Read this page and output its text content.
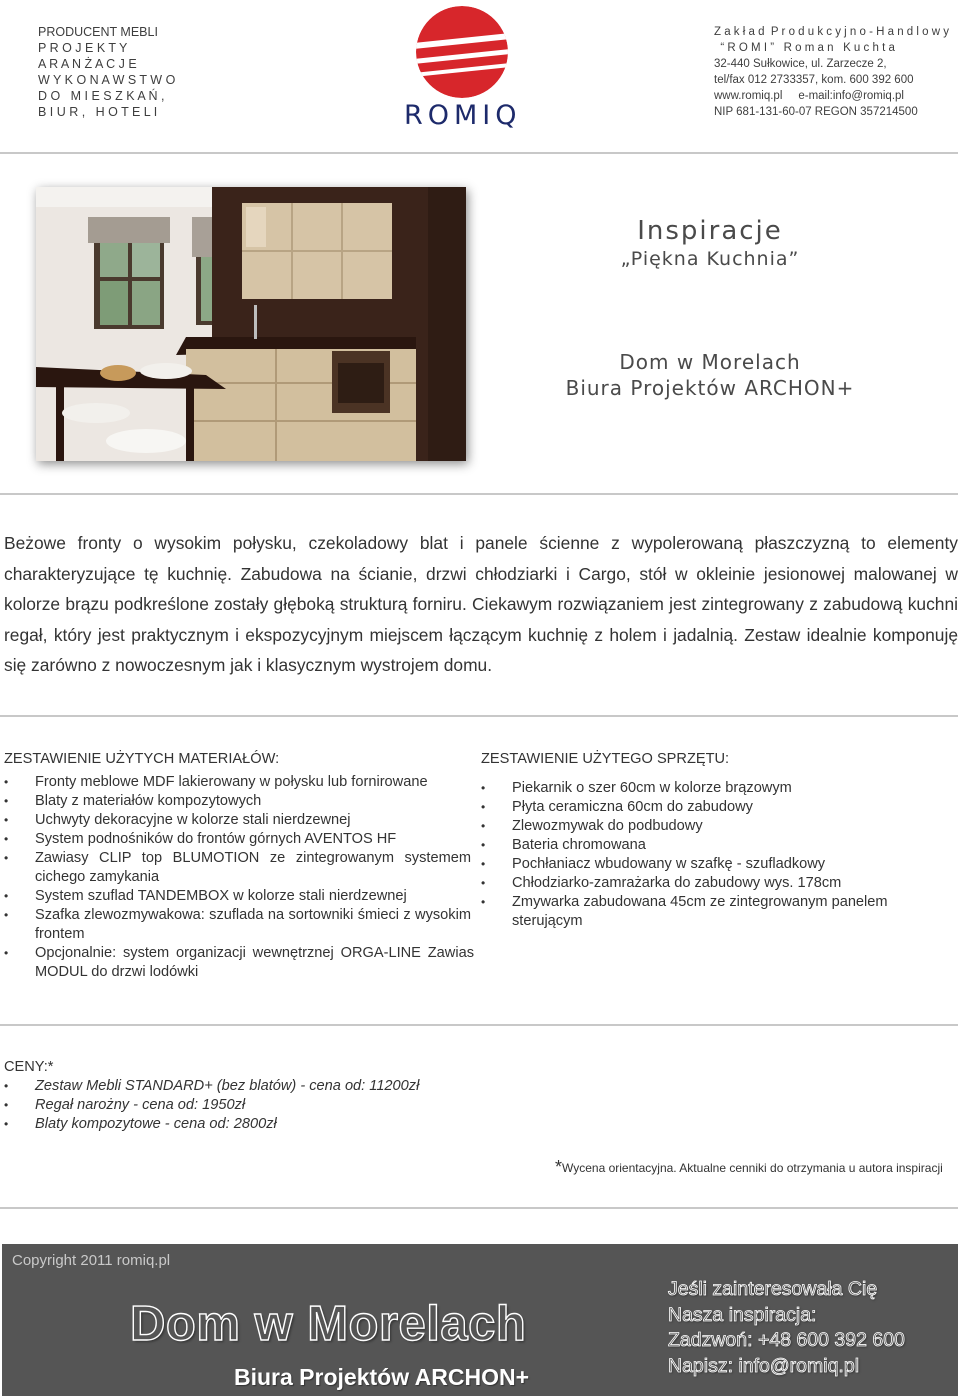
PRODUCENT MEBLI
P R O J E K T Y
A R A N Ż A C J E
W Y K O N A W S T W O
D O   M I E S Z K A Ń ,
B I U R ,   H O T E L I	ROMIQ
Z a k ł a d  P r o d u k c y j n o - H a n d l o w y
“ R O M I ”   R o m a n   K u c h t a
32-440 Sułkowice, ul. Zarzecze 2,
tel/fax 012 2733357, kom. 600 392 600
www.romiq.pl     e-mail:info@romiq.pl
NIP 681-131-60-07 REGON 357214500
Inspiracje
„Piękna Kuchnia”
Dom w Morelach
Biura Projektów ARCHON+

Beżowe fronty o wysokim połysku, czekoladowy blat i panele ścienne z wypolerowaną płaszczyzną to elementy charakteryzujące tę kuchnię. Zabudowa na ścianie, drzwi chłodziarki i Cargo, stół w okleinie jesionowej malowanej w kolorze brązu podkreślone zostały głęboką strukturą forniru. Ciekawym rozwiązaniem jest zintegrowany z zabudową kuchni regał, który jest praktycznym i ekspozycyjnym miejscem łączącym kuchnię z holem i jadalnią. Zestaw idealnie komponuję się zarówno z nowoczesnym jak i klasycznym wystrojem domu.

ZESTAWIENIE UŻYTYCH MATERIAŁÓW:
• Fronty meblowe MDF lakierowany w połysku lub fornirowane
• Blaty z materiałów kompozytowych
• Uchwyty dekoracyjne w kolorze stali nierdzewnej
• System podnośników do frontów górnych AVENTOS HF
• Zawiasy CLIP top BLUMOTION ze zintegrowanym systemem cichego zamykania
• System szuflad TANDEMBOX w kolorze stali nierdzewnej
• Szafka zlewozmywakowa: szuflada na sortowniki śmieci z wysokim frontem
• Opcjonalnie: system organizacji wewnętrznej ORGA-LINE Zawias MODUL do drzwi lodówki
ZESTAWIENIE UŻYTEGO SPRZĘTU:
• Piekarnik o szer 60cm w kolorze brązowym
• Płyta ceramiczna 60cm do zabudowy
• Zlewozmywak do podbudowy
• Bateria chromowana
• Pochłaniacz wbudowany w szafkę - szufladkowy
• Chłodziarko-zamrażarka do zabudowy wys. 178cm
• Zmywarka zabudowana 45cm ze zintegrowanym panelem sterującym
CENY:*
• Zestaw Mebli STANDARD+ (bez blatów) - cena od: 11200zł
• Regał narożny - cena od: 1950zł
• Blaty kompozytowe - cena od: 2800zł
*Wycena orientacyjna. Aktualne cenniki do otrzymania u autora inspiracji
Copyright 2011 romiq.pl
Dom w Morelach
Biura Projektów ARCHON+
Jeśli zainteresowała Cię
Nasza inspiracja:
Zadzwoń: +48 600 392 600
Napisz: info@romiq.pl
